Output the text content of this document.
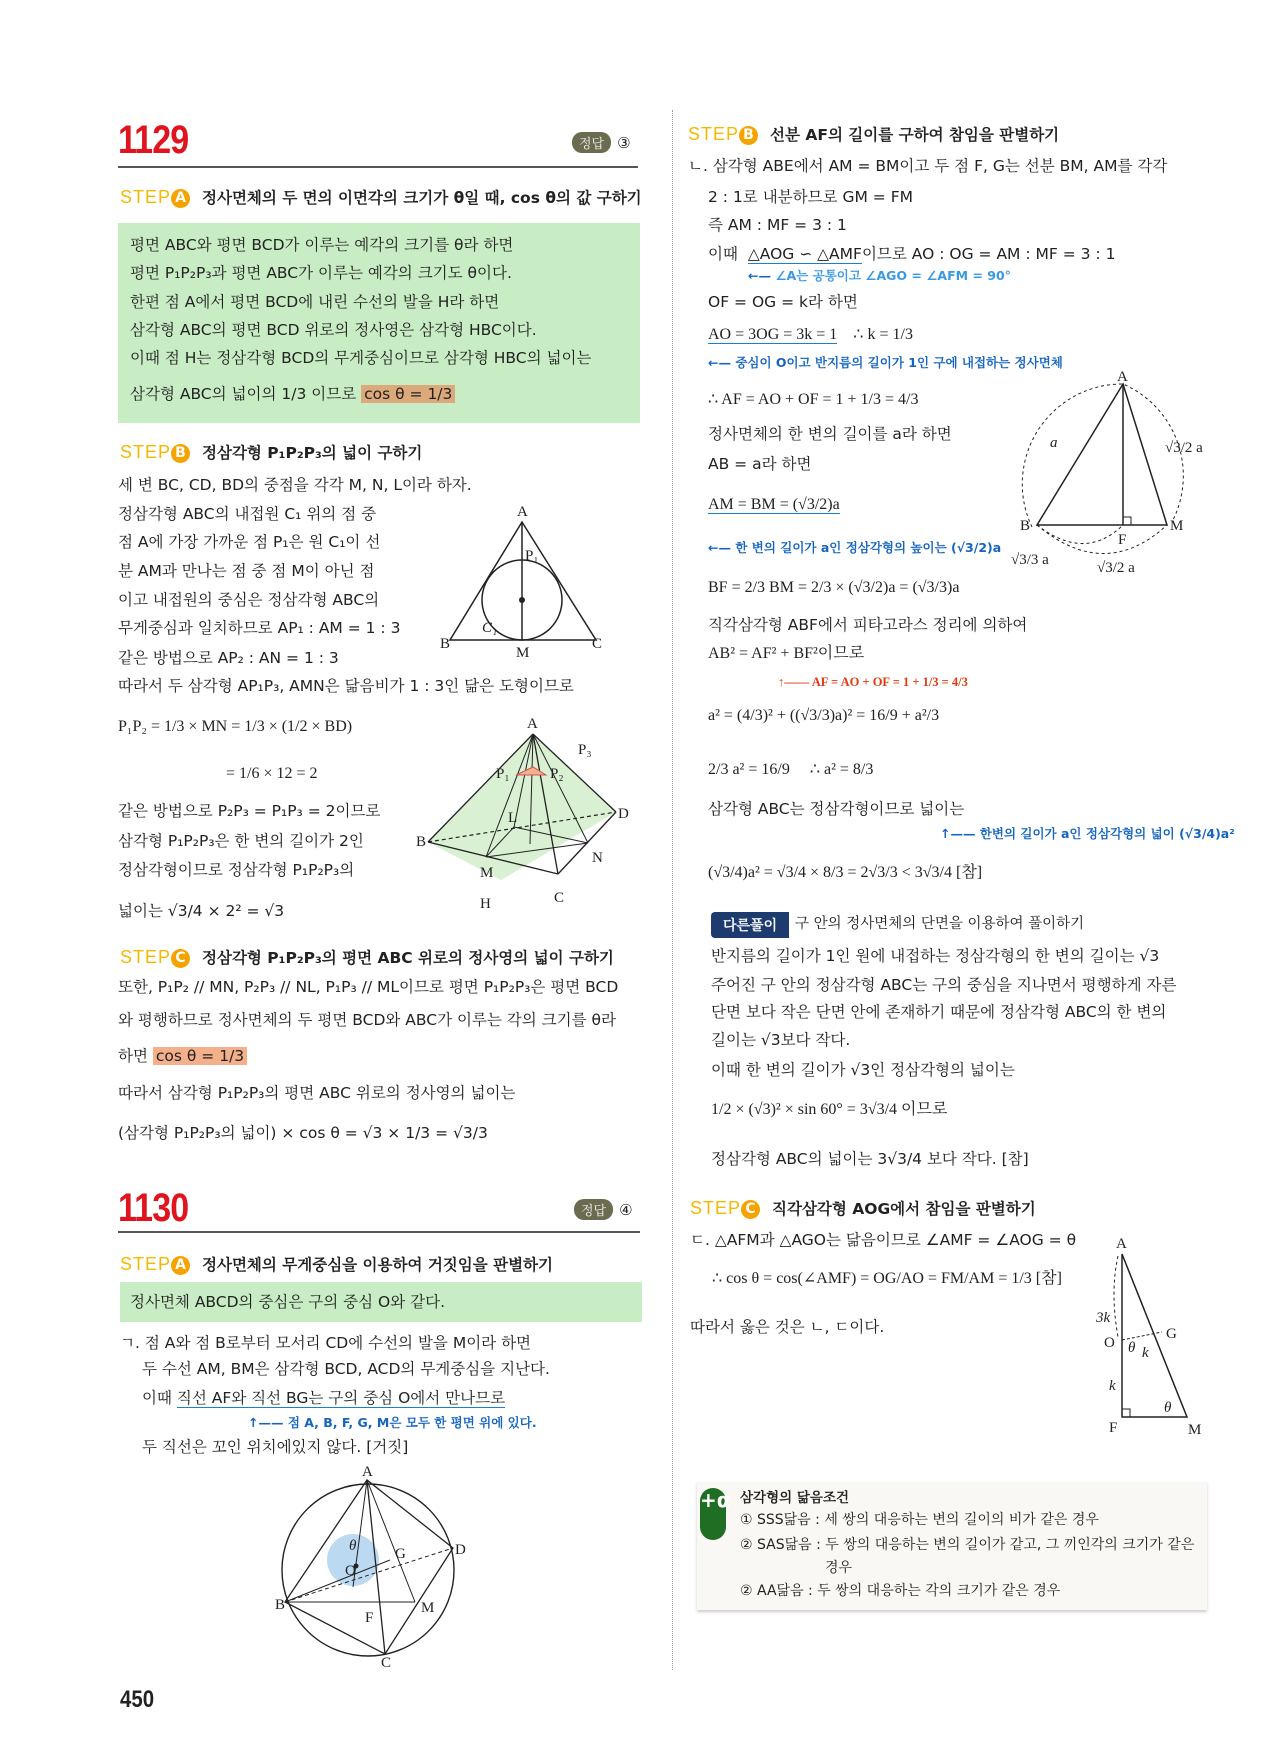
1129	정답 ③
STEP A 정사면체의 두 면의 이면각의 크기가 θ일 때, cos θ의 값 구하기
평면 ABC와 평면 BCD가 이루는 예각의 크기를 θ라 하면
평면 P₁P₂P₃과 평면 ABC가 이루는 예각의 크기도 θ이다.
한편 점 A에서 평면 BCD에 내린 수선의 발을 H라 하면
삼각형 ABC의 평면 BCD 위로의 정사영은 삼각형 HBC이다.
이때 점 H는 정삼각형 BCD의 무게중심이므로 삼각형 HBC의 넓이는
삼각형 ABC의 넓이의 1/3 이므로 cos θ = 1/3
STEP B 정삼각형 P₁P₂P₃의 넓이 구하기
세 변 BC, CD, BD의 중점을 각각 M, N, L이라 하자.
정삼각형 ABC의 내접원 C₁ 위의 점 중
점 A에 가장 가까운 점 P₁은 원 C₁이 선
분 AM과 만나는 점 중 점 M이 아닌 점
이고 내접원의 중심은 정삼각형 ABC의
무게중심과 일치하므로 AP₁ : AM = 1 : 3
같은 방법으로 AP₂ : AN = 1 : 3
따라서 두 삼각형 AP₁P₃, AMN은 닮음비가 1 : 3인 닮은 도형이므로
P₁P₂ = 1/3 × MN = 1/3 × (1/2 × BD)
= 1/6 × 12 = 2
같은 방법으로 P₂P₃ = P₁P₃ = 2이므로
삼각형 P₁P₂P₃은 한 변의 길이가 2인
정삼각형이므로 정삼각형 P₁P₂P₃의
넓이는 √3/4 × 2² = √3
A
P₁
C₁
B
M
C
A
P₃
P₁	P₂
D
L
B
N
M
H	C
STEP C 정삼각형 P₁P₂P₃의 평면 ABC 위로의 정사영의 넓이 구하기
또한, P₁P₂ // MN, P₂P₃ // NL, P₁P₃ // ML이므로 평면 P₁P₂P₃은 평면 BCD
와 평행하므로 정사면체의 두 평면 BCD와 ABC가 이루는 각의 크기를 θ라
하면 cos θ = 1/3
따라서 삼각형 P₁P₂P₃의 평면 ABC 위로의 정사영의 넓이는
(삼각형 P₁P₂P₃의 넓이) × cos θ = √3 × 1/3 = √3/3
1130	정답 ④
STEP A 정사면체의 무게중심을 이용하여 거짓임을 판별하기
정사면체 ABCD의 중심은 구의 중심 O와 같다.
ㄱ. 점 A와 점 B로부터 모서리 CD에 수선의 발을 M이라 하면
두 수선 AM, BM은 삼각형 BCD, ACD의 무게중심을 지난다.
이때 직선 AF와 직선 BG는 구의 중심 O에서 만나므로
↑—— 점 A, B, F, G, M은 모두 한 평면 위에 있다.
두 직선은 꼬인 위치에있지 않다. [거짓]
A
θ
O
G	D
B
F
M
C
STEP B 선분 AF의 길이를 구하여 참임을 판별하기
ㄴ. 삼각형 ABE에서 AM = BM이고 두 점 F, G는 선분 BM, AM를 각각
2 : 1로 내분하므로 GM = FM
즉 AM : MF = 3 : 1
이때 △AOG ∽ △AMF이므로 AO : OG = AM : MF = 3 : 1
←— ∠A는 공통이고 ∠AGO = ∠AFM = 90°
OF = OG = k라 하면
AO = 3OG = 3k = 1 ∴ k = 1/3
←— 중심이 O이고 반지름의 길이가 1인 구에 내접하는 정사면체
∴ AF = AO + OF = 1 + 1/3 = 4/3
정사면체의 한 변의 길이를 a라 하면
AB = a라 하면
AM = BM = (√3/2)a
←— 한 변의 길이가 a인 정삼각형의 높이는 (√3/2)a
BF = 2/3 BM = 2/3 × (√3/2)a = (√3/3)a
직각삼각형 ABF에서 피타고라스 정리에 의하여
AB² = AF² + BF²이므로
↑—— AF = AO + OF = 1 + 1/3 = 4/3
a² = (4/3)² + ((√3/3)a)² = 16/9 + a²/3
2/3 a² = 16/9 ∴ a² = 8/3
삼각형 ABC는 정삼각형이므로 넓이는
↑—— 한변의 길이가 a인 정삼각형의 넓이 (√3/4)a²
(√3/4)a² = √3/4 × 8/3 = 2√3/3 < 3√3/4 [참]
A
a	√3/2 a
B
F
M
√3/3 a	√3/2 a
다른풀이	구 안의 정사면체의 단면을 이용하여 풀이하기
반지름의 길이가 1인 원에 내접하는 정삼각형의 한 변의 길이는 √3
주어진 구 안의 정삼각형 ABC는 구의 중심을 지나면서 평행하게 자른
단면 보다 작은 단면 안에 존재하기 때문에 정삼각형 ABC의 한 변의
길이는 √3보다 작다.
이때 한 변의 길이가 √3인 정삼각형의 넓이는
1/2 × (√3)² × sin 60° = 3√3/4 이므로
정삼각형 ABC의 넓이는 3√3/4 보다 작다. [참]
STEP C 직각삼각형 AOG에서 참임을 판별하기
ㄷ. △AFM과 △AGO는 닮음이므로 ∠AMF = ∠AOG = θ
∴ cos θ = cos(∠AMF) = OG/AO = FM/AM = 1/3 [참]
따라서 옳은 것은 ㄴ, ㄷ이다.
A
3k
θ
G
O
k
k
θ
F	M
+α 삼각형의 닮음조건
① SSS닮음 : 세 쌍의 대응하는 변의 길이의 비가 같은 경우
② SAS닮음 : 두 쌍의 대응하는 변의 길이가 같고, 그 끼인각의 크기가 같은
경우
② AA닮음 : 두 쌍의 대응하는 각의 크기가 같은 경우
450
